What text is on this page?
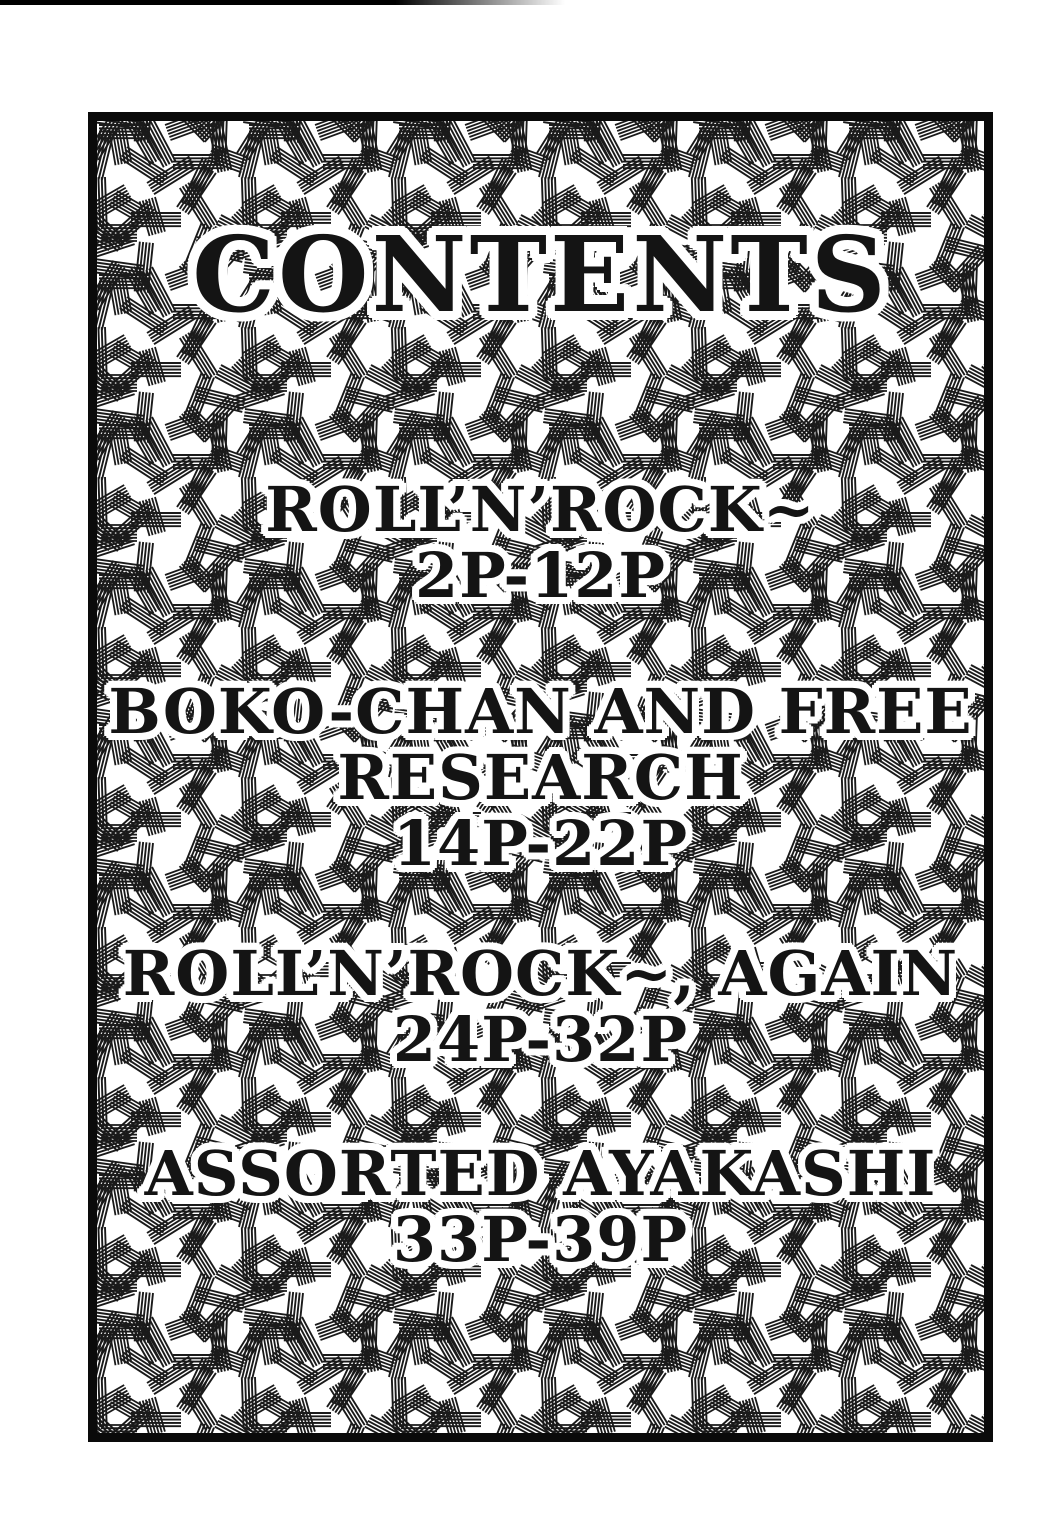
CONTENTS
ROLL’N’ROCK~
2P-12P
BOKO-CHAN AND FREE
RESEARCH
14P-22P
ROLL’N’ROCK~, AGAIN
24P-32P
ASSORTED AYAKASHI
33P-39P
